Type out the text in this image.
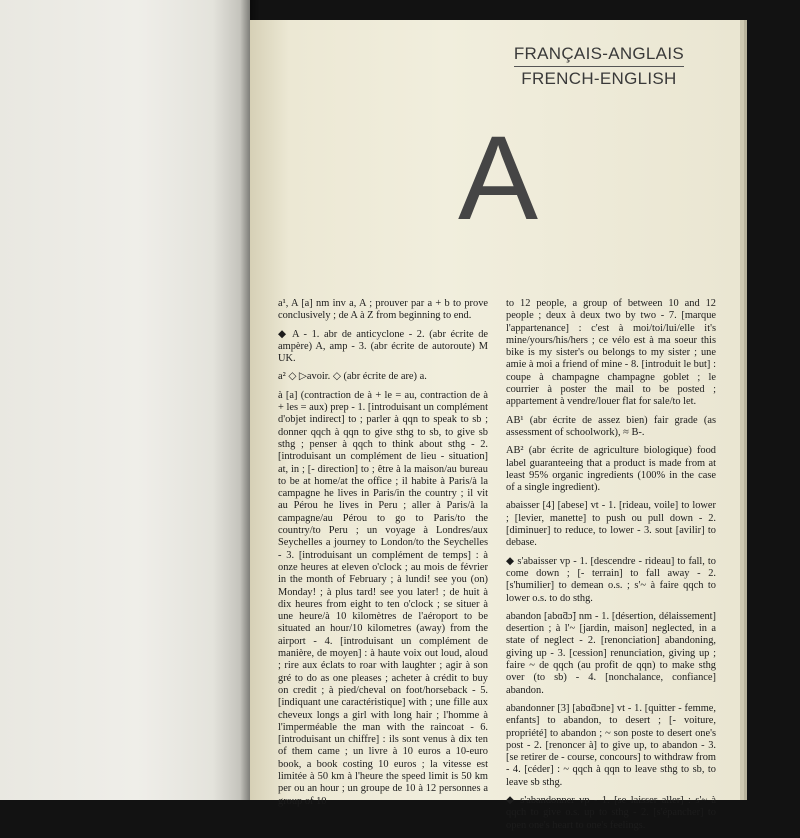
FRANÇAIS-ANGLAIS
FRENCH-ENGLISH
A

a¹, A [a] nm inv a, A ; prouver par a + b to prove conclusively ; de A à Z from beginning to end.

◆ A - 1. abr de anticyclone - 2. (abr écrite de ampère) A, amp - 3. (abr écrite de autoroute) M UK.

a² ◇ ▷avoir. ◇ (abr écrite de are) a.

à [a] (contraction de à + le = au, contraction de à + les = aux) prep - 1. [introduisant un complément d'objet indirect] to ; parler à qqn to speak to sb ; donner qqch à qqn to give sthg to sb, to give sb sthg ; penser à qqch to think about sthg - 2. [introduisant un complément de lieu - situation] at, in ; [- direction] to ; être à la maison/au bureau to be at home/at the office ; il habite à Paris/à la campagne he lives in Paris/in the country ; il vit au Pérou he lives in Peru ; aller à Paris/à la campagne/au Pérou to go to Paris/to the country/to Peru ; un voyage à Londres/aux Seychelles a journey to London/to the Seychelles - 3. [introduisant un complément de temps] : à onze heures at eleven o'clock ; au mois de février in the month of February ; à lundi! see you (on) Monday! ; à plus tard! see you later! ; de huit à dix heures from eight to ten o'clock ; se situer à une heure/à 10 kilomètres de l'aéroport to be situated an hour/10 kilometres (away) from the airport - 4. [introduisant un complément de manière, de moyen] : à haute voix out loud, aloud ; rire aux éclats to roar with laughter ; agir à son gré to do as one pleases ; acheter à crédit to buy on credit ; à pied/cheval on foot/horseback - 5. [indiquant une caractéristique] with ; une fille aux cheveux longs a girl with long hair ; l'homme à l'imperméable the man with the raincoat - 6. [introduisant un chiffre] : ils sont venus à dix ten of them came ; un livre à 10 euros a 10-euro book, a book costing 10 euros ; la vitesse est limitée à 50 km à l'heure the speed limit is 50 km per ou an hour ; un groupe de 10 à 12 personnes a group of 10

to 12 people, a group of between 10 and 12 people ; deux à deux two by two - 7. [marque l'appartenance] : c'est à moi/toi/lui/elle it's mine/yours/his/hers ; ce vélo est à ma soeur this bike is my sister's ou belongs to my sister ; une amie à moi a friend of mine - 8. [introduit le but] : coupe à champagne champagne goblet ; le courrier à poster the mail to be posted ; appartement à vendre/louer flat for sale/to let.

AB¹ (abr écrite de assez bien) fair grade (as assessment of schoolwork), ≈ B-.

AB² (abr écrite de agriculture biologique) food label guaranteeing that a product is made from at least 95% organic ingredients (100% in the case of a single ingredient).

abaisser [4] [abese] vt - 1. [rideau, voile] to lower ; [levier, manette] to push ou pull down - 2. [diminuer] to reduce, to lower - 3. sout [avilir] to debase.

◆ s'abaisser vp - 1. [descendre - rideau] to fall, to come down ; [- terrain] to fall away - 2. [s'humilier] to demean o.s. ; s'~ à faire qqch to lower o.s. to do sthg.

abandon [abɑ̃dɔ̃] nm - 1. [désertion, délaissement] desertion ; à l'~ [jardin, maison] neglected, in a state of neglect - 2. [renonciation] abandoning, giving up - 3. [cession] renunciation, giving up ; faire ~ de qqch (au profit de qqn) to make sthg over (to sb) - 4. [nonchalance, confiance] abandon.

abandonner [3] [abɑ̃dɔne] vt - 1. [quitter - femme, enfants] to abandon, to desert ; [- voiture, propriété] to abandon ; ~ son poste to desert one's post - 2. [renoncer à] to give up, to abandon - 3. [se retirer de - course, concours] to withdraw from - 4. [céder] : ~ qqch à qqn to leave sthg to sb, to leave sb sthg.

◆ s'abandonner vp - 1. [se laisser aller] : s'~ à qqch to give o.s. up to sthg - 2. [s'épancher] to open one's heart to one's feelings.
